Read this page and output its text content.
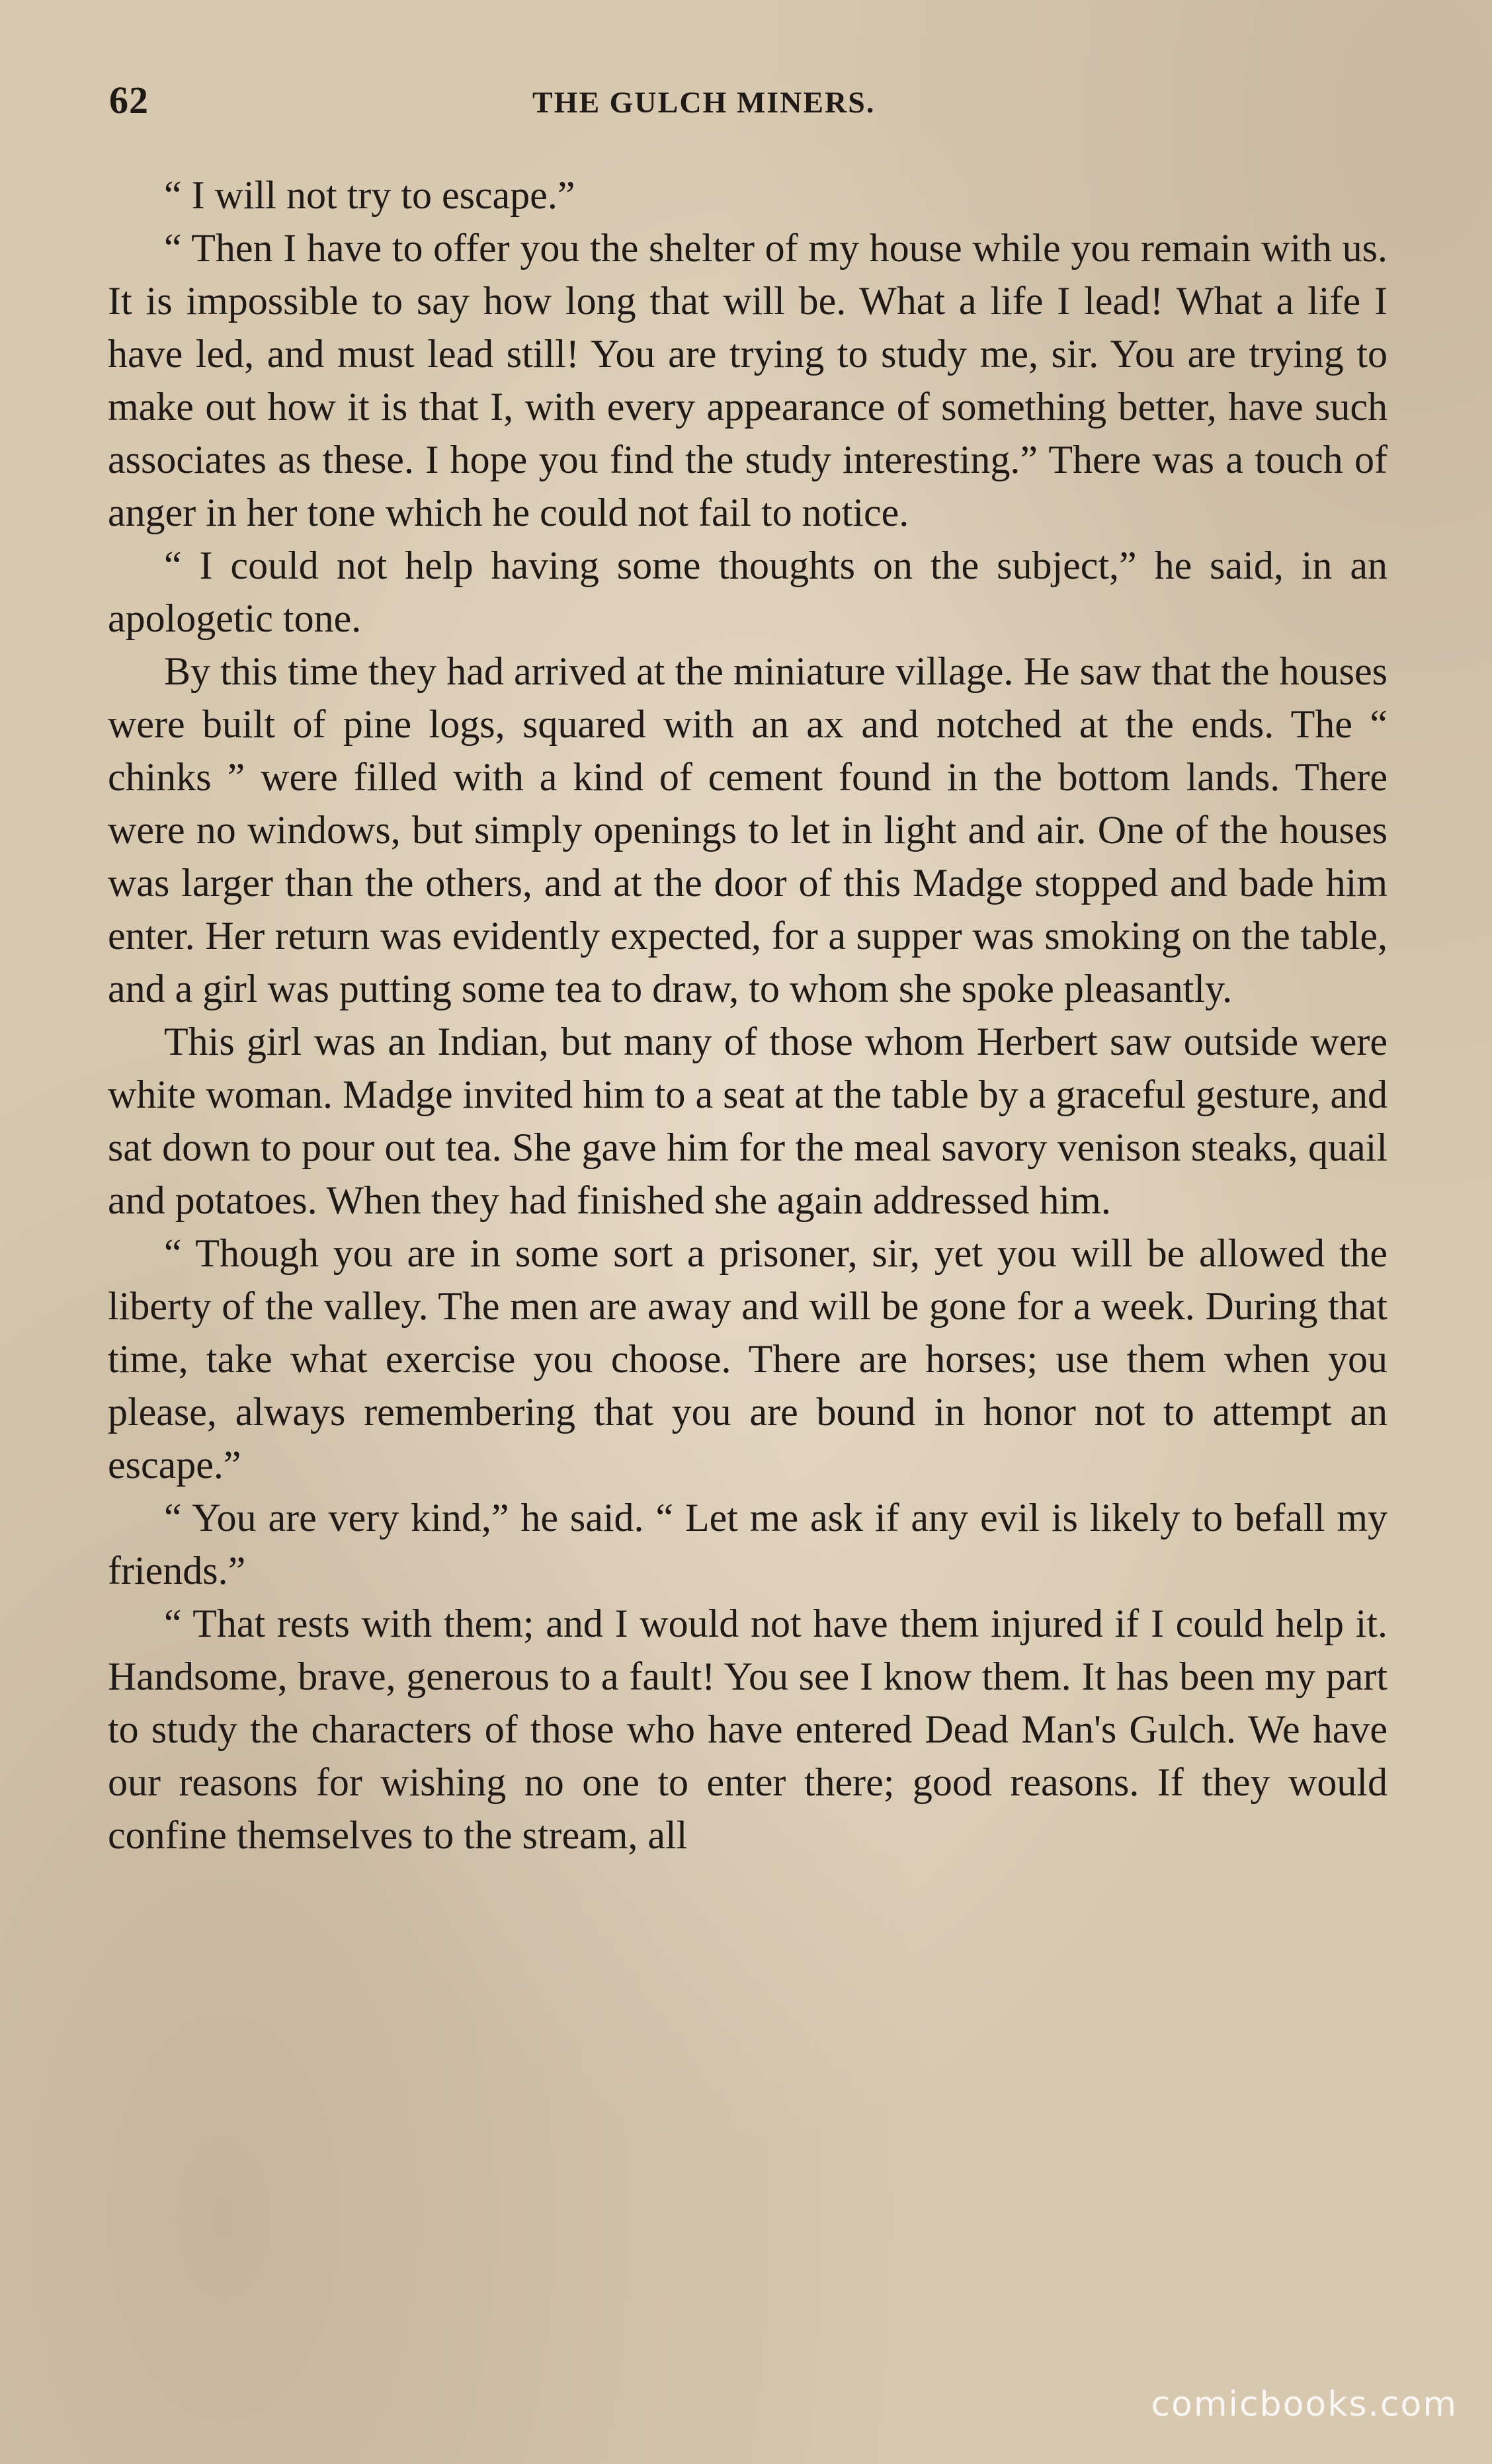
62	THE GULCH MINERS.

“ I will not try to escape.”

“ Then I have to offer you the shelter of my house while you remain with us. It is impossible to say how long that will be. What a life I lead! What a life I have led, and must lead still! You are trying to study me, sir. You are trying to make out how it is that I, with every appearance of something better, have such associates as these. I hope you find the study interesting.” There was a touch of anger in her tone which he could not fail to notice.

“ I could not help having some thoughts on the subject,” he said, in an apologetic tone.

By this time they had arrived at the miniature village. He saw that the houses were built of pine logs, squared with an ax and notched at the ends. The “ chinks ” were filled with a kind of cement found in the bottom lands. There were no windows, but simply openings to let in light and air. One of the houses was larger than the others, and at the door of this Madge stopped and bade him enter. Her return was evidently expected, for a supper was smoking on the table, and a girl was putting some tea to draw, to whom she spoke pleasantly.

This girl was an Indian, but many of those whom Herbert saw outside were white woman. Madge invited him to a seat at the table by a graceful gesture, and sat down to pour out tea. She gave him for the meal savory venison steaks, quail and potatoes. When they had finished she again addressed him.

“ Though you are in some sort a prisoner, sir, yet you will be allowed the liberty of the valley. The men are away and will be gone for a week. During that time, take what exercise you choose. There are horses; use them when you please, always remembering that you are bound in honor not to attempt an escape.”

“ You are very kind,” he said. “ Let me ask if any evil is likely to befall my friends.”

“ That rests with them; and I would not have them injured if I could help it. Handsome, brave, generous to a fault! You see I know them. It has been my part to study the characters of those who have entered Dead Man's Gulch. We have our reasons for wishing no one to enter there; good reasons. If they would confine themselves to the stream, all

comicbooks.com
